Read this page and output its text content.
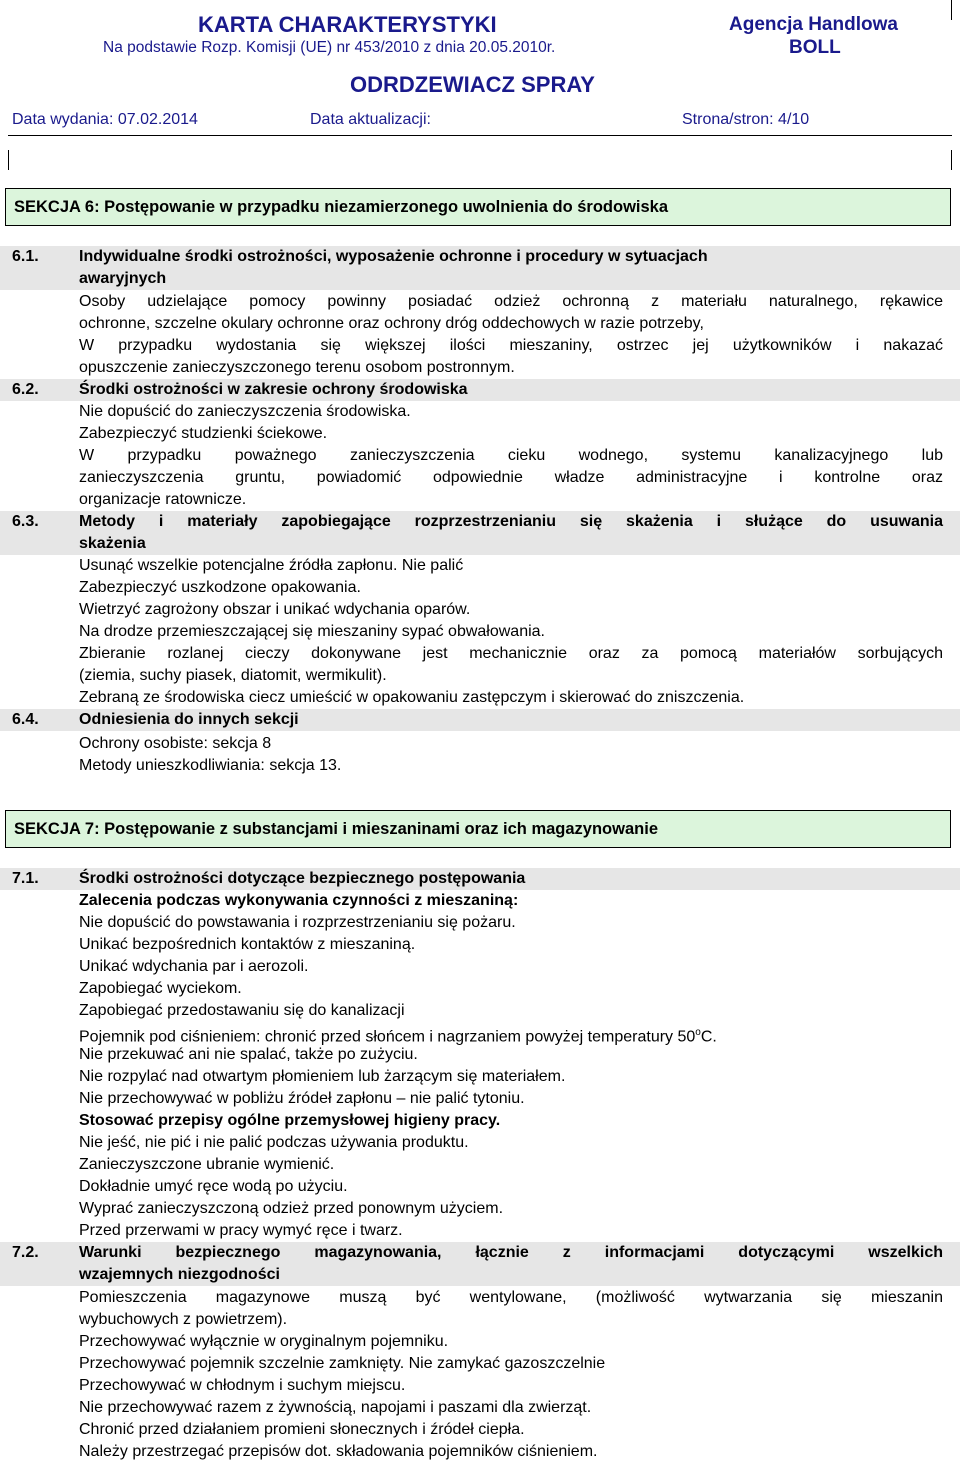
KARTA CHARAKTERYSTYKI
Na podstawie Rozp. Komisji (UE) nr 453/2010 z dnia 20.05.2010r.
Agencja Handlowa
BOLL
ODRDZEWIACZ SPRAY
Data wydania: 07.02.2014	Data aktualizacji:	Strona/stron: 4/10
SEKCJA 6: Postępowanie w przypadku niezamierzonego uwolnienia do środowiska
6.1.	Indywidualne środki ostrożności, wyposażenie ochronne i procedury w sytuacjach
awaryjnych
Osoby udzielające pomocy powinny posiadać odzież ochronną z materiału naturalnego, rękawice
ochronne, szczelne okulary ochronne oraz ochrony dróg oddechowych w razie potrzeby,
W przypadku wydostania się większej ilości mieszaniny, ostrzec jej użytkowników i nakazać
opuszczenie zanieczyszczonego terenu osobom postronnym.
6.2.	Środki ostrożności w zakresie ochrony środowiska
Nie dopuścić do zanieczyszczenia środowiska.
Zabezpieczyć studzienki ściekowe.
W przypadku poważnego zanieczyszczenia cieku wodnego, systemu kanalizacyjnego lub
zanieczyszczenia gruntu, powiadomić odpowiednie władze administracyjne i kontrolne oraz
organizacje ratownicze.
6.3.	Metody i materiały zapobiegające rozprzestrzenianiu się skażenia i służące do usuwania
skażenia
Usunąć wszelkie potencjalne źródła zapłonu. Nie palić
Zabezpieczyć uszkodzone opakowania.
Wietrzyć zagrożony obszar i unikać wdychania oparów.
Na drodze przemieszczającej się mieszaniny sypać obwałowania.
Zbieranie rozlanej cieczy dokonywane jest mechanicznie oraz za pomocą materiałów sorbujących
(ziemia, suchy piasek, diatomit, wermikulit).
Zebraną ze środowiska ciecz umieścić w opakowaniu zastępczym i skierować do zniszczenia.
6.4.	Odniesienia do innych sekcji
Ochrony osobiste: sekcja 8
Metody unieszkodliwiania: sekcja 13.
SEKCJA 7: Postępowanie z substancjami i mieszaninami oraz ich magazynowanie
7.1.	Środki ostrożności dotyczące bezpiecznego postępowania
Zalecenia podczas wykonywania czynności z mieszaniną:
Nie dopuścić do powstawania i rozprzestrzenianiu się pożaru.
Unikać bezpośrednich kontaktów z mieszaniną.
Unikać wdychania par i aerozoli.
Zapobiegać wyciekom.
Zapobiegać przedostawaniu się do kanalizacji
Pojemnik pod ciśnieniem: chronić przed słońcem i nagrzaniem powyżej temperatury 50$^o$C.
Nie przekuwać ani nie spalać, także po zużyciu.
Nie rozpylać nad otwartym płomieniem lub żarzącym się materiałem.
Nie przechowywać w pobliżu źródeł zapłonu – nie palić tytoniu.
Stosować przepisy ogólne przemysłowej higieny pracy.
Nie jeść, nie pić i nie palić podczas używania produktu.
Zanieczyszczone ubranie wymienić.
Dokładnie umyć ręce wodą po użyciu.
Wyprać zanieczyszczoną odzież przed ponownym użyciem.
Przed przerwami w pracy wymyć ręce i twarz.
7.2.	Warunki bezpiecznego magazynowania, łącznie z informacjami dotyczącymi wszelkich
wzajemnych niezgodności
Pomieszczenia magazynowe muszą być wentylowane, (możliwość wytwarzania się mieszanin
wybuchowych z powietrzem).
Przechowywać wyłącznie w oryginalnym pojemniku.
Przechowywać pojemnik szczelnie zamknięty. Nie zamykać gazoszczelnie
Przechowywać w chłodnym i suchym miejscu.
Nie przechowywać razem z żywnością, napojami i paszami dla zwierząt.
Chronić przed działaniem promieni słonecznych i źródeł ciepła.
Należy przestrzegać przepisów dot. składowania pojemników ciśnieniem.
